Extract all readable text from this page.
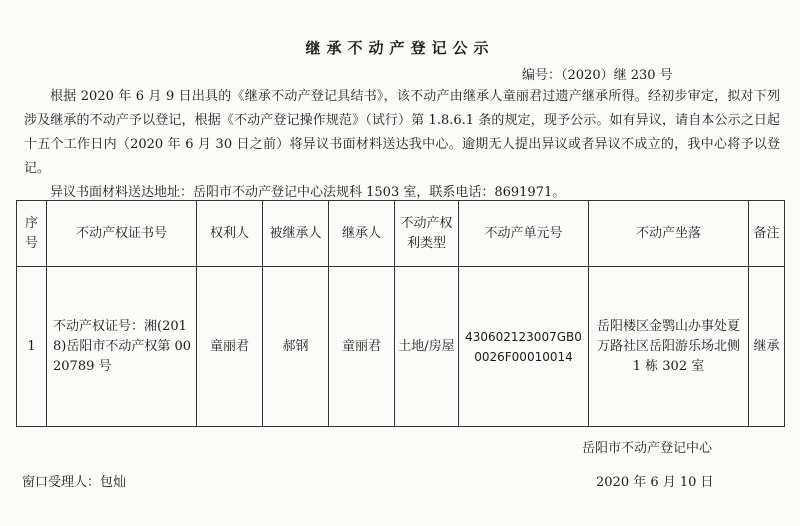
继承不动产登记公示
编号：（2020）继 230 号
根据 2020 年 6 月 9 日出具的《继承不动产登记具结书》，该不动产由继承人童丽君过遗产继承所得。经初步审定，拟对下列涉及继承的不动产予以登记，根据《不动产登记操作规范》（试行）第 1.8.6.1 条的规定，现予公示。如有异议，请自本公示之日起十五个工作日内（2020 年 6 月 30 日之前）将异议书面材料送达我中心。逾期无人提出异议或者异议不成立的，我中心将予以登记。
异议书面材料送达地址：岳阳市不动产登记中心法规科 1503 室，联系电话：8691971。
序号	不动产权证书号	权利人	被继承人	继承人	不动产权利类型	不动产单元号	不动产坐落	备注
1	不动产权证号：湘(2018)岳阳市不动产权第 0020789 号	童丽君	郝钢	童丽君	土地/房屋	430602123007GB00026F00010014	岳阳楼区金鹗山办事处夏万路社区岳阳游乐场北侧 1 栋 302 室	继承
岳阳市不动产登记中心
窗口受理人：包灿	2020 年 6 月 10 日
